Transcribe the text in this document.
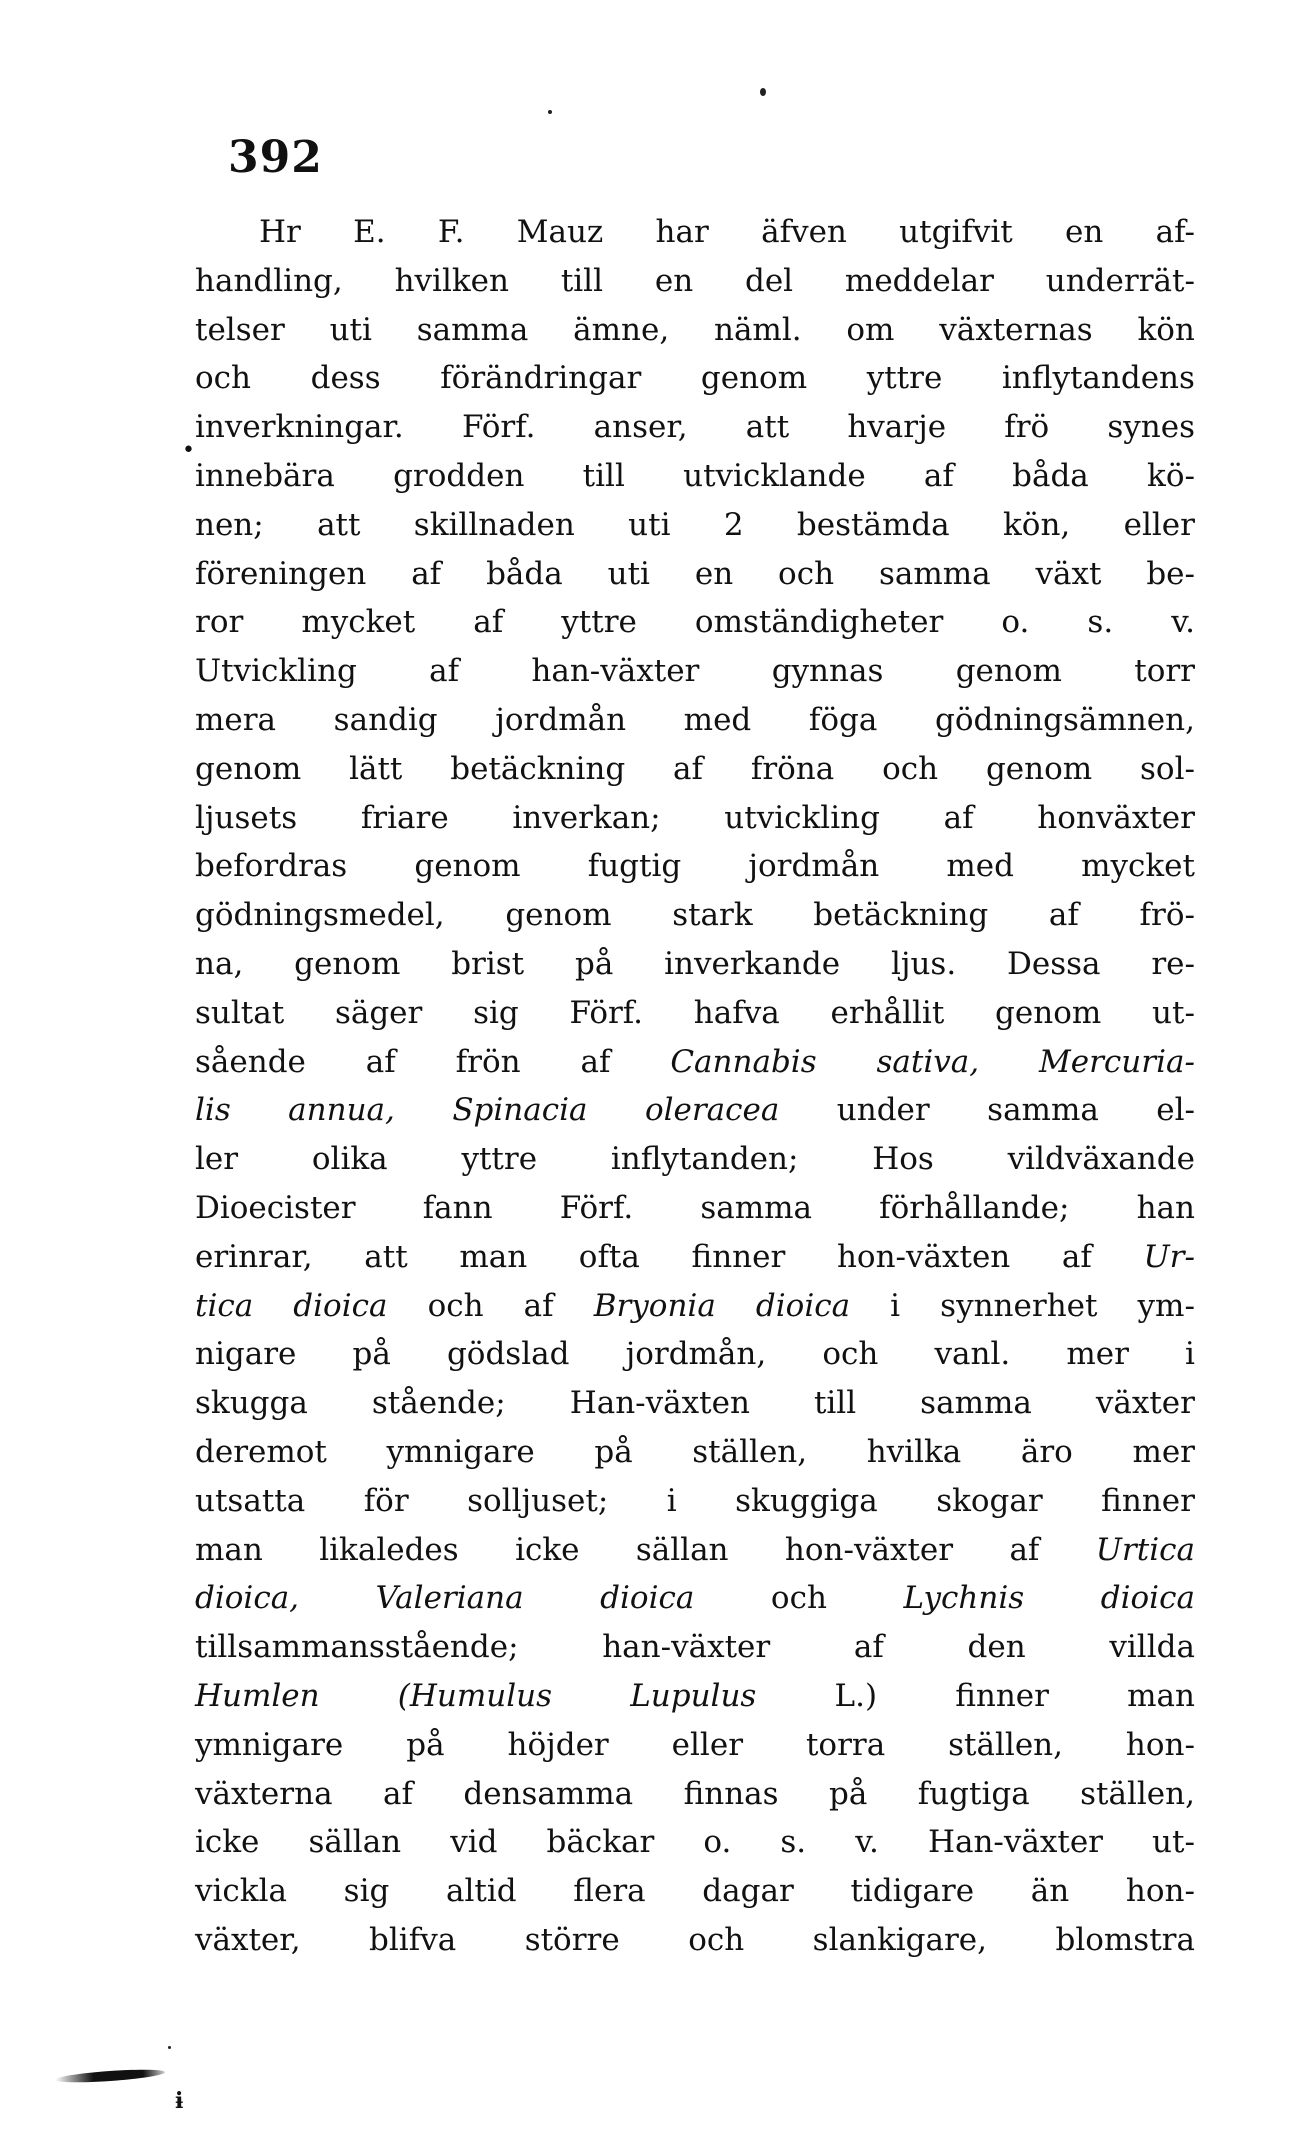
392
•
Hr E. F. Mauz har äfven utgifvit en af-
handling, hvilken till en del meddelar underrät-
telser uti samma ämne, näml. om växternas kön
och dess förändringar genom yttre inflytandens
inverkningar. Förf. anser, att hvarje frö synes
innebära grodden till utvicklande af båda kö-
nen; att skillnaden uti 2 bestämda kön, eller
föreningen af båda uti en och samma växt be-
ror mycket af yttre omständigheter o. s. v.
Utvickling af han-växter gynnas genom torr
mera sandig jordmån med föga gödningsämnen,
genom lätt betäckning af fröna och genom sol-
ljusets friare inverkan; utvickling af honväxter
befordras genom fugtig jordmån med mycket
gödningsmedel, genom stark betäckning af frö-
na, genom brist på inverkande ljus. Dessa re-
sultat säger sig Förf. hafva erhållit genom ut-
sående af frön af Cannabis sativa, Mercuria-
lis annua, Spinacia oleracea under samma el-
ler olika yttre inflytanden; Hos vildväxande
Dioecister fann Förf. samma förhållande; han
erinrar, att man ofta finner hon-växten af Ur-
tica dioica och af Bryonia dioica i synnerhet ym-
nigare på gödslad jordmån, och vanl. mer i
skugga stående; Han-växten till samma växter
deremot ymnigare på ställen, hvilka äro mer
utsatta för solljuset; i skuggiga skogar finner
man likaledes icke sällan hon-växter af Urtica
dioica, Valeriana dioica och Lychnis dioica
tillsammansstående;	han-växter	af	den	villda
Humlen	(Humulus	Lupulus	L.)	finner	man
ymnigare på höjder eller torra ställen, hon-
växterna af densamma finnas på fugtiga ställen,
icke sällan vid bäckar o. s. v. Han-växter ut-
vickla sig altid flera dagar tidigare än hon-
växter, blifva större och slankigare, blomstra
ɨ
